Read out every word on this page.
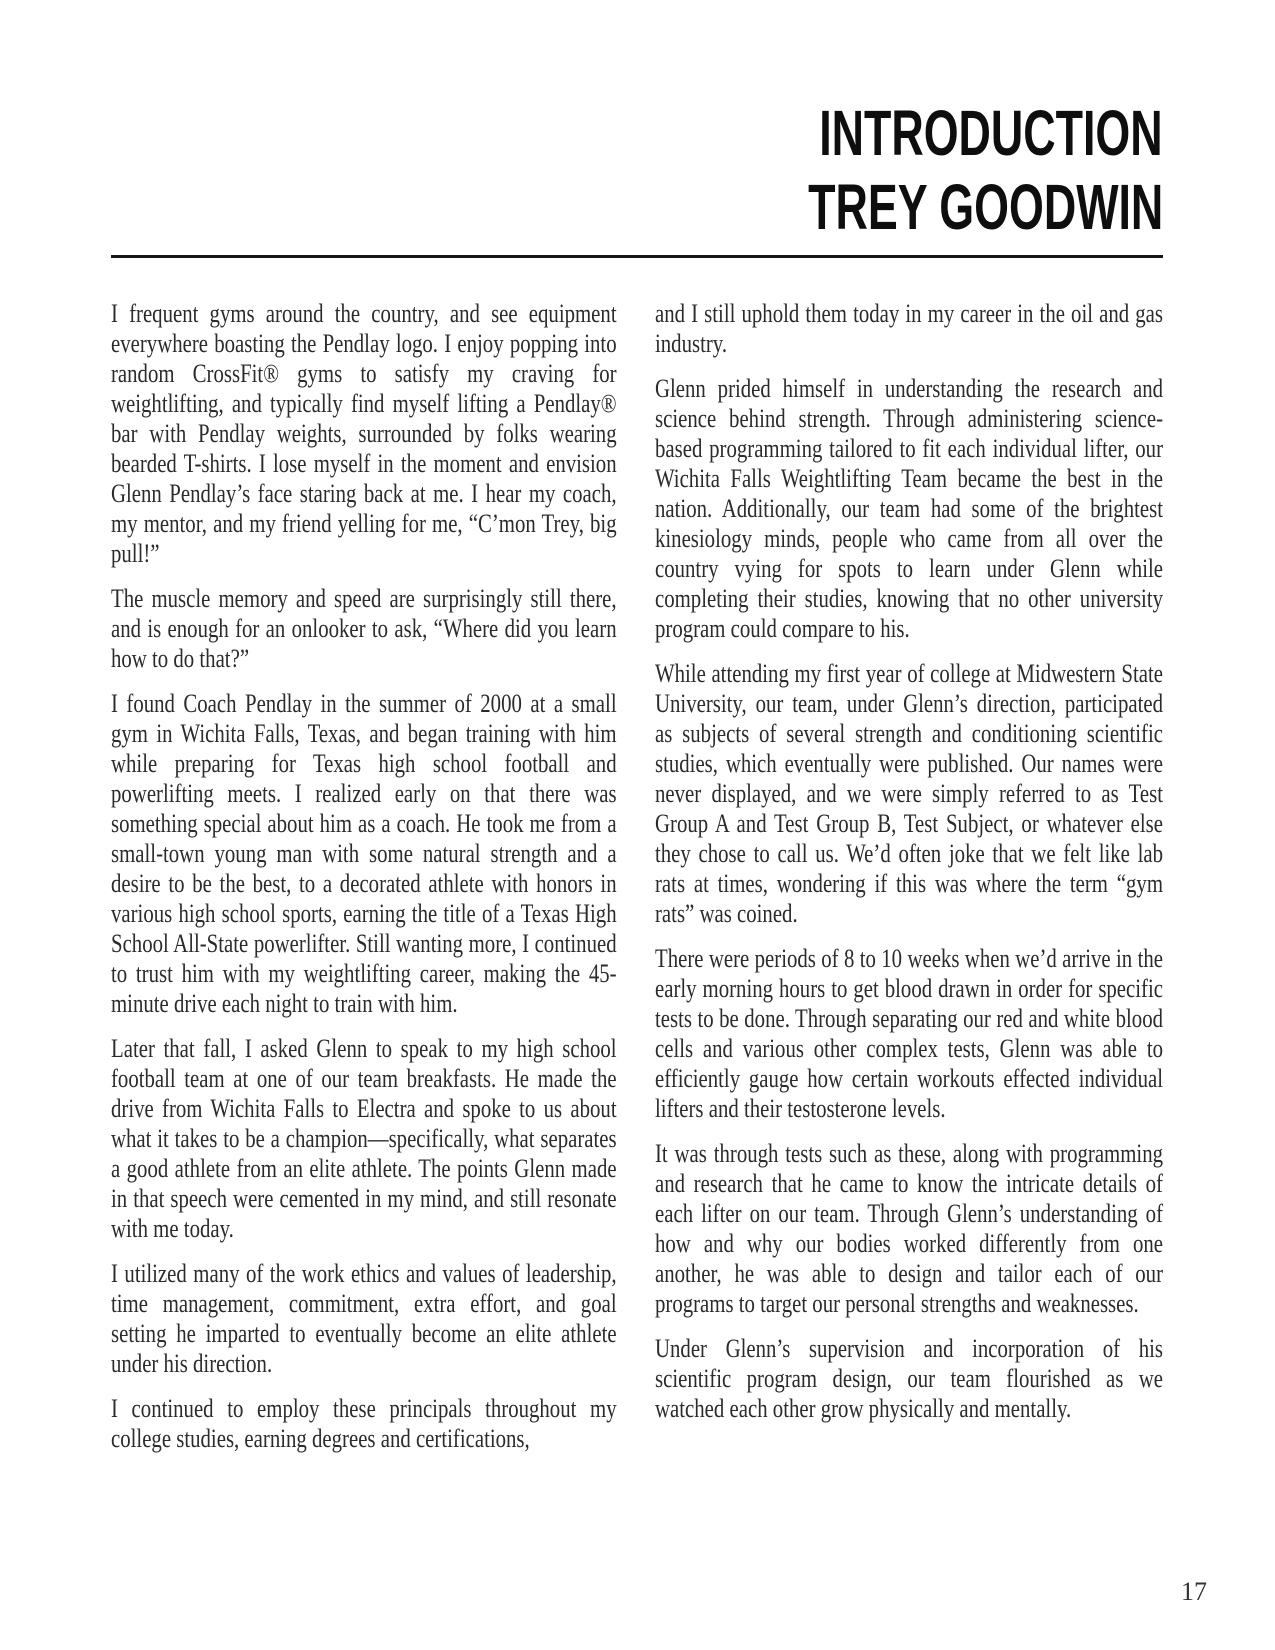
INTRODUCTION
TREY GOODWIN

I frequent gyms around the country, and see equipment everywhere boasting the Pendlay logo. I enjoy popping into random CrossFit® gyms to satisfy my craving for weightlifting, and typically find myself lifting a Pendlay® bar with Pendlay weights, surrounded by folks wearing bearded T-shirts. I lose myself in the moment and envision Glenn Pendlay’s face staring back at me. I hear my coach, my mentor, and my friend yelling for me, “C’mon Trey, big pull!”

The muscle memory and speed are surprisingly still there, and is enough for an onlooker to ask, “Where did you learn how to do that?”

I found Coach Pendlay in the summer of 2000 at a small gym in Wichita Falls, Texas, and began training with him while preparing for Texas high school football and powerlifting meets. I realized early on that there was something special about him as a coach. He took me from a small-town young man with some natural strength and a desire to be the best, to a decorated athlete with honors in various high school sports, earning the title of a Texas High School All-State powerlifter. Still wanting more, I continued to trust him with my weightlifting career, making the 45-minute drive each night to train with him.

Later that fall, I asked Glenn to speak to my high school football team at one of our team breakfasts. He made the drive from Wichita Falls to Electra and spoke to us about what it takes to be a champion—specifically, what separates a good athlete from an elite athlete. The points Glenn made in that speech were cemented in my mind, and still resonate with me today.

I utilized many of the work ethics and values of leadership, time management, commitment, extra effort, and goal setting he imparted to eventually become an elite athlete under his direction.

I continued to employ these principals throughout my college studies, earning degrees and certifications,

and I still uphold them today in my career in the oil and gas industry.

Glenn prided himself in understanding the research and science behind strength. Through administering science-based programming tailored to fit each individual lifter, our Wichita Falls Weightlifting Team became the best in the nation. Additionally, our team had some of the brightest kinesiology minds, people who came from all over the country vying for spots to learn under Glenn while completing their studies, knowing that no other university program could compare to his.

While attending my first year of college at Midwestern State University, our team, under Glenn’s direction, participated as subjects of several strength and conditioning scientific studies, which eventually were published. Our names were never displayed, and we were simply referred to as Test Group A and Test Group B, Test Subject, or whatever else they chose to call us. We’d often joke that we felt like lab rats at times, wondering if this was where the term “gym rats” was coined.

There were periods of 8 to 10 weeks when we’d arrive in the early morning hours to get blood drawn in order for specific tests to be done. Through separating our red and white blood cells and various other complex tests, Glenn was able to efficiently gauge how certain workouts effected individual lifters and their testosterone levels.

It was through tests such as these, along with programming and research that he came to know the intricate details of each lifter on our team. Through Glenn’s understanding of how and why our bodies worked differently from one another, he was able to design and tailor each of our programs to target our personal strengths and weaknesses.

Under Glenn’s supervision and incorporation of his scientific program design, our team flourished as we watched each other grow physically and mentally.

17
